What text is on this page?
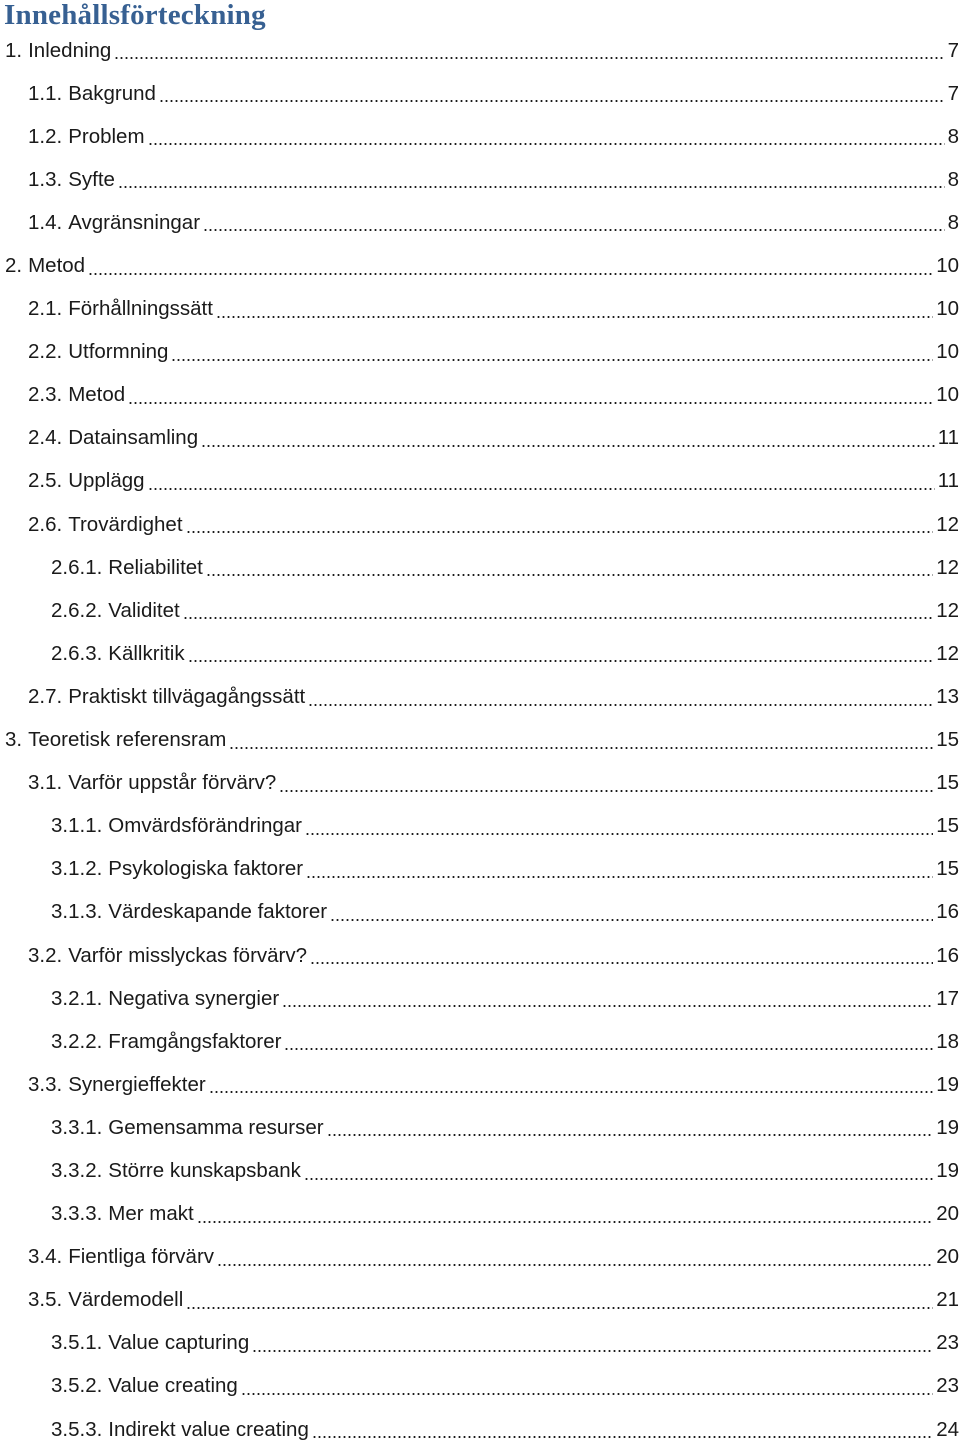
Innehållsförteckning
1. Inledning	7
1.1. Bakgrund	7
1.2. Problem	8
1.3. Syfte	8
1.4. Avgränsningar	8
2. Metod	10
2.1. Förhållningssätt	10
2.2. Utformning	10
2.3. Metod	10
2.4. Datainsamling	11
2.5. Upplägg	11
2.6. Trovärdighet	12
2.6.1. Reliabilitet	12
2.6.2. Validitet	12
2.6.3. Källkritik	12
2.7. Praktiskt tillvägagångssätt	13
3. Teoretisk referensram	15
3.1. Varför uppstår förvärv?	15
3.1.1. Omvärdsförändringar	15
3.1.2. Psykologiska faktorer	15
3.1.3. Värdeskapande faktorer	16
3.2. Varför misslyckas förvärv?	16
3.2.1. Negativa synergier	17
3.2.2. Framgångsfaktorer	18
3.3. Synergieffekter	19
3.3.1. Gemensamma resurser	19
3.3.2. Större kunskapsbank	19
3.3.3. Mer makt	20
3.4. Fientliga förvärv	20
3.5. Värdemodell	21
3.5.1. Value capturing	23
3.5.2. Value creating	23
3.5.3. Indirekt value creating	24
